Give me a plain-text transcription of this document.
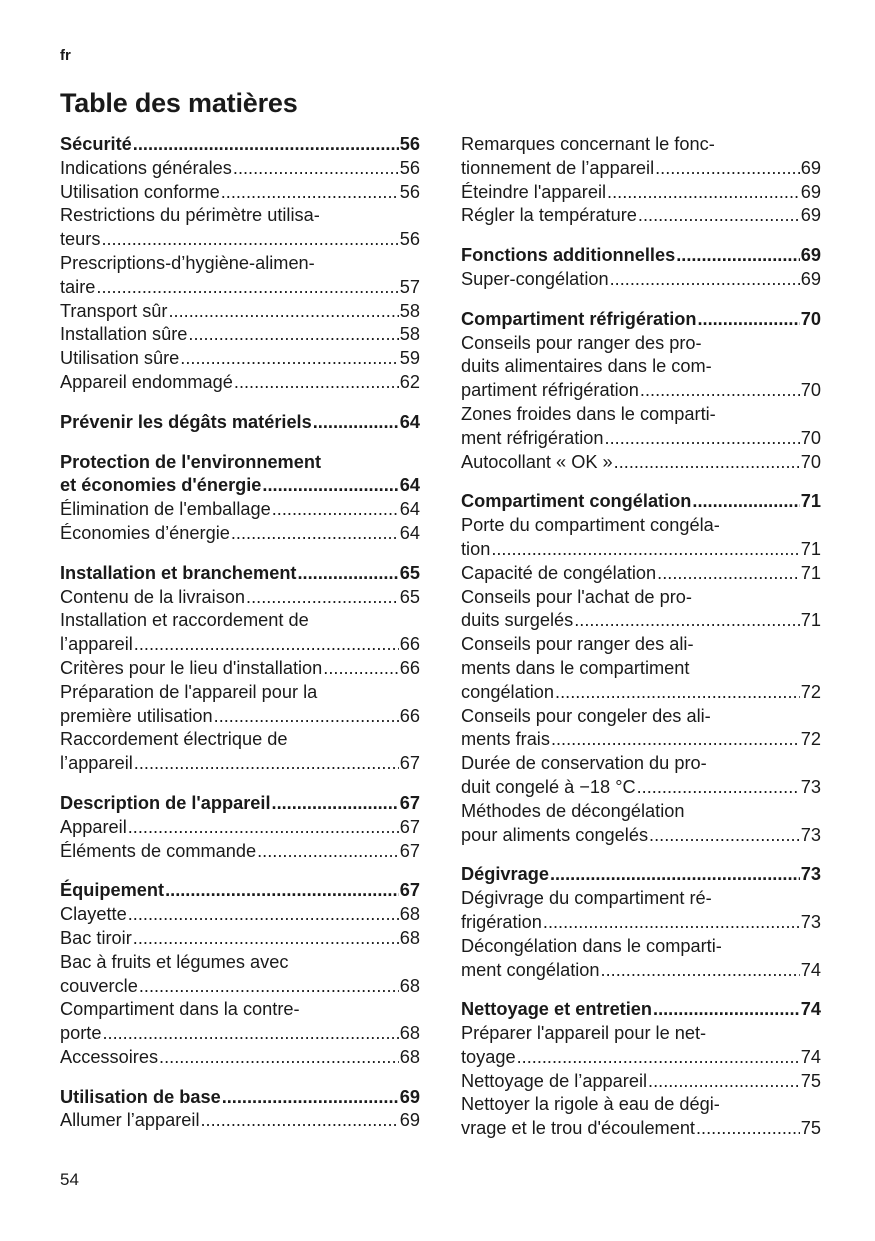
fr
Table des matières
Sécurité .....	56
Indications générales .....	56
Utilisation conforme .....	56
Restrictions du périmètre utilisa-
teurs .....	56
Prescriptions-d’hygiène-alimen-
taire .....	57
Transport sûr .....	58
Installation sûre .....	58
Utilisation sûre .....	59
Appareil endommagé .....	62
Prévenir les dégâts matériels .....	64
Protection de l'environnement
et économies d'énergie .....	64
Élimination de l'emballage .....	64
Économies d’énergie .....	64
Installation et branchement .....	65
Contenu de la livraison .....	65
Installation et raccordement de
l’appareil .....	66
Critères pour le lieu d'installation .....	66
Préparation de l'appareil pour la
première utilisation .....	66
Raccordement électrique de
l’appareil .....	67
Description de l'appareil .....	67
Appareil .....	67
Éléments de commande .....	67
Équipement .....	67
Clayette .....	68
Bac tiroir .....	68
Bac à fruits et légumes avec
couvercle .....	68
Compartiment dans la contre-
porte .....	68
Accessoires .....	68
Utilisation de base .....	69
Allumer l’appareil .....	69
Remarques concernant le fonc-
tionnement de l’appareil .....	69
Éteindre l'appareil .....	69
Régler la température .....	69
Fonctions additionnelles .....	69
Super-congélation .....	69
Compartiment réfrigération .....	70
Conseils pour ranger des pro-
duits alimentaires dans le com-
partiment réfrigération .....	70
Zones froides dans le comparti-
ment réfrigération .....	70
Autocollant « OK » .....	70
Compartiment congélation .....	71
Porte du compartiment congéla-
tion .....	71
Capacité de congélation .....	71
Conseils pour l'achat de pro-
duits surgelés .....	71
Conseils pour ranger des ali-
ments dans le compartiment
congélation .....	72
Conseils pour congeler des ali-
ments frais .....	72
Durée de conservation du pro-
duit congelé à −18 °C .....	73
Méthodes de décongélation
pour aliments congelés .....	73
Dégivrage .....	73
Dégivrage du compartiment ré-
frigération .....	73
Décongélation dans le comparti-
ment congélation .....	74
Nettoyage et entretien .....	74
Préparer l'appareil pour le net-
toyage .....	74
Nettoyage de l’appareil .....	75
Nettoyer la rigole à eau de dégi-
vrage et le trou d'écoulement .....	75
54
